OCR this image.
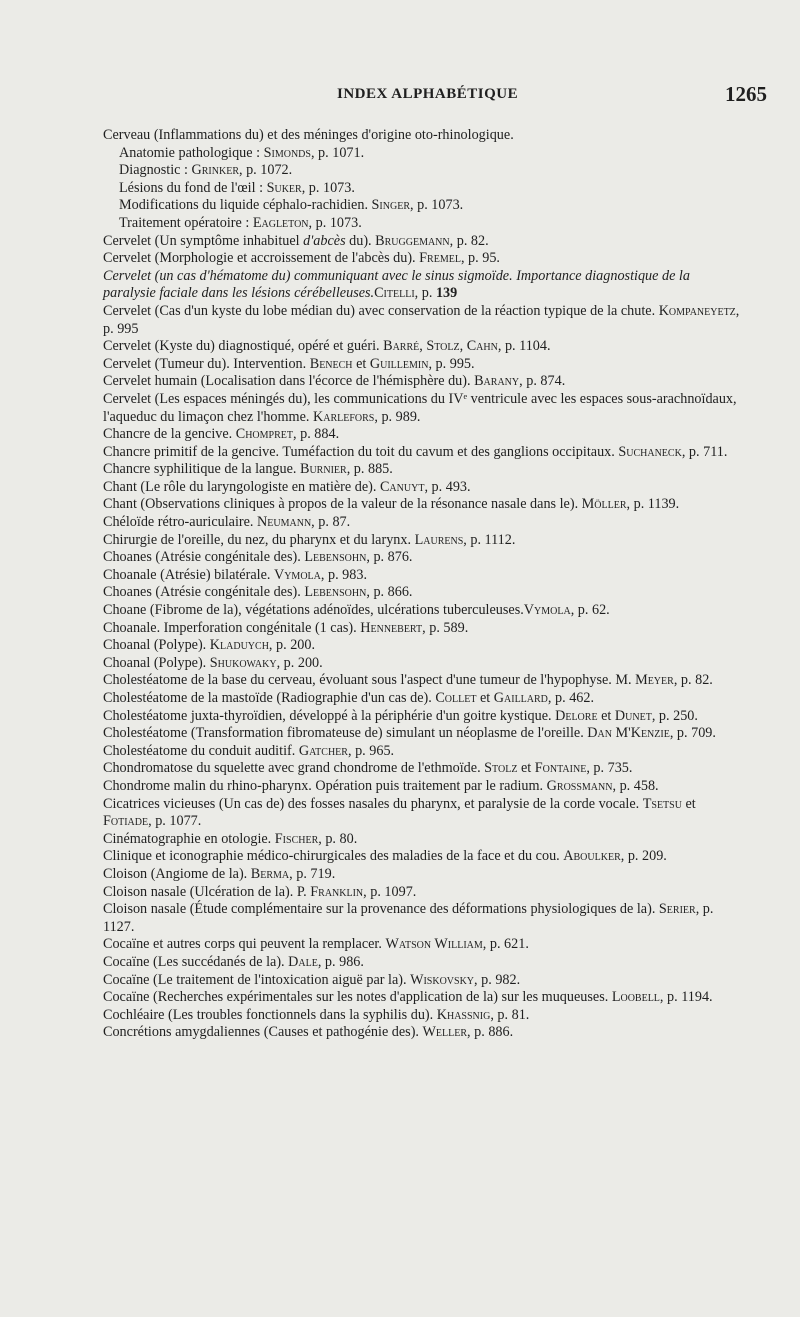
INDEX ALPHABÉTIQUE	1265
Cerveau (Inflammations du) et des méninges d'origine oto-rhinologique.
Anatomie pathologique : Simonds, p. 1071.
Diagnostic : Grinker, p. 1072.
Lésions du fond de l'œil : Suker, p. 1073.
Modifications du liquide céphalo-rachidien. Singer, p. 1073.
Traitement opératoire : Eagleton, p. 1073.
Cervelet (Un symptôme inhabituel d'abcès du). Bruggemann, p. 82.
Cervelet (Morphologie et accroissement de l'abcès du). Fremel, p. 95.
Cervelet (un cas d'hématome du) communiquant avec le sinus sigmoïde. Importance diagnostique de la paralysie faciale dans les lésions cérébelleuses.Citelli, p. 139
Cervelet (Cas d'un kyste du lobe médian du) avec conservation de la réaction typique de la chute. Kompaneyetz, p. 995
Cervelet (Kyste du) diagnostiqué, opéré et guéri. Barré, Stolz, Cahn, p. 1104.
Cervelet (Tumeur du). Intervention. Benech et Guillemin, p. 995.
Cervelet humain (Localisation dans l'écorce de l'hémisphère du). Barany, p. 874.
Cervelet (Les espaces méningés du), les communications du IVᵉ ventricule avec les espaces sous-arachnoïdaux, l'aqueduc du limaçon chez l'homme. Karlefors, p. 989.
Chancre de la gencive. Chompret, p. 884.
Chancre primitif de la gencive. Tuméfaction du toit du cavum et des ganglions occipitaux. Suchaneck, p. 711.
Chancre syphilitique de la langue. Burnier, p. 885.
Chant (Le rôle du laryngologiste en matière de). Canuyt, p. 493.
Chant (Observations cliniques à propos de la valeur de la résonance nasale dans le). Möller, p. 1139.
Chéloïde rétro-auriculaire. Neumann, p. 87.
Chirurgie de l'oreille, du nez, du pharynx et du larynx. Laurens, p. 1112.
Choanes (Atrésie congénitale des). Lebensohn, p. 876.
Choanale (Atrésie) bilatérale. Vymola, p. 983.
Choanes (Atrésie congénitale des). Lebensohn, p. 866.
Choane (Fibrome de la), végétations adénoïdes, ulcérations tuberculeuses.Vymola, p. 62.
Choanale. Imperforation congénitale (1 cas). Hennebert, p. 589.
Choanal (Polype). Kladuych, p. 200.
Choanal (Polype). Shukowaky, p. 200.
Cholestéatome de la base du cerveau, évoluant sous l'aspect d'une tumeur de l'hypophyse. M. Meyer, p. 82.
Cholestéatome de la mastoïde (Radiographie d'un cas de). Collet et Gaillard, p. 462.
Cholestéatome juxta-thyroïdien, développé à la périphérie d'un goitre kystique. Delore et Dunet, p. 250.
Cholestéatome (Transformation fibromateuse de) simulant un néoplasme de l'oreille. Dan M'Kenzie, p. 709.
Cholestéatome du conduit auditif. Gatcher, p. 965.
Chondromatose du squelette avec grand chondrome de l'ethmoïde. Stolz et Fontaine, p. 735.
Chondrome malin du rhino-pharynx. Opération puis traitement par le radium. Grossmann, p. 458.
Cicatrices vicieuses (Un cas de) des fosses nasales du pharynx, et paralysie de la corde vocale. Tsetsu et Fotiade, p. 1077.
Cinématographie en otologie. Fischer, p. 80.
Clinique et iconographie médico-chirurgicales des maladies de la face et du cou. Aboulker, p. 209.
Cloison (Angiome de la). Berma, p. 719.
Cloison nasale (Ulcération de la). P. Franklin, p. 1097.
Cloison nasale (Étude complémentaire sur la provenance des déformations physiologiques de la). Serier, p. 1127.
Cocaïne et autres corps qui peuvent la remplacer. Watson William, p. 621.
Cocaïne (Les succédanés de la). Dale, p. 986.
Cocaïne (Le traitement de l'intoxication aiguë par la). Wiskovsky, p. 982.
Cocaïne (Recherches expérimentales sur les notes d'application de la) sur les muqueuses. Loobell, p. 1194.
Cochléaire (Les troubles fonctionnels dans la syphilis du). Khassnig, p. 81.
Concrétions amygdaliennes (Causes et pathogénie des). Weller, p. 886.
